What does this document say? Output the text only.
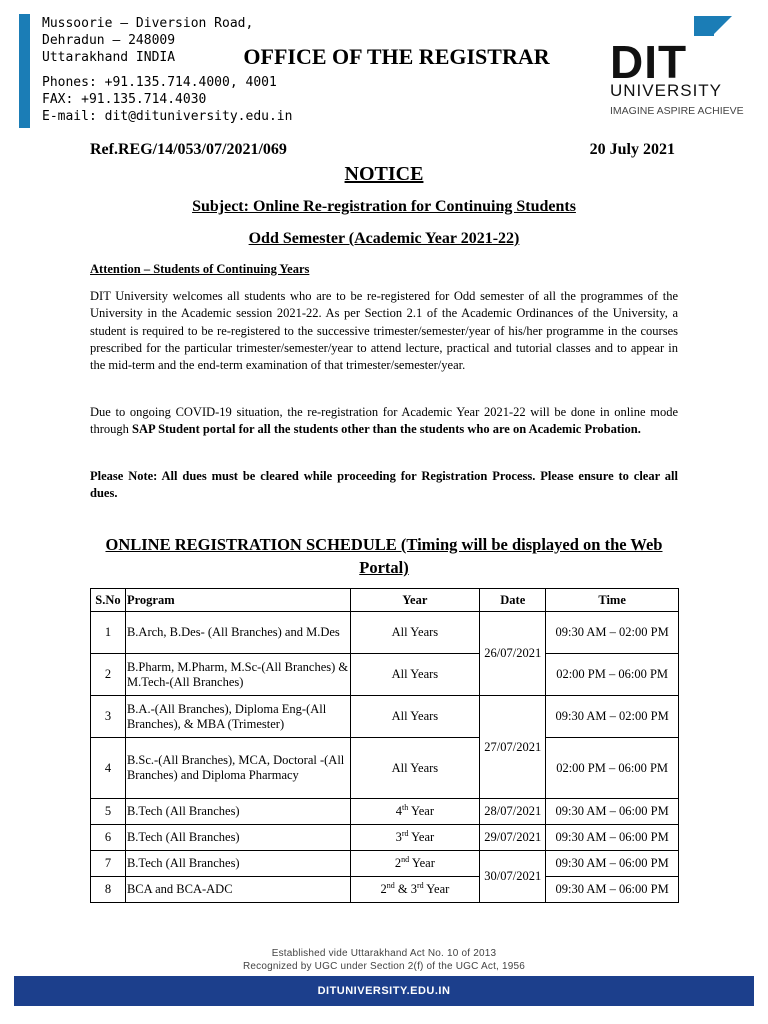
Mussoorie – Diversion Road,
Dehradun – 248009
Uttarakhand INDIA	OFFICE OF THE REGISTRAR
Phones: +91.135.714.4000, 4001
FAX: +91.135.714.4030
E-mail: dit@dituniversity.edu.in
DIT
UNIVERSITY
IMAGINE ASPIRE ACHIEVE
Ref.REG/14/053/07/2021/069	20 July 2021
NOTICE
Subject: Online Re-registration for Continuing Students
Odd Semester (Academic Year 2021-22)
Attention – Students of Continuing Years
DIT University welcomes all students who are to be re-registered for Odd semester of all the programmes of the University in the Academic session 2021-22. As per Section 2.1 of the Academic Ordinances of the University, a student is required to be re-registered to the successive trimester/semester/year of his/her programme in the courses prescribed for the particular trimester/semester/year to attend lecture, practical and tutorial classes and to appear in the mid-term and the end-term examination of that trimester/semester/year.
Due to ongoing COVID-19 situation, the re-registration for Academic Year 2021-22 will be done in online mode through SAP Student portal for all the students other than the students who are on Academic Probation.
Please Note: All dues must be cleared while proceeding for Registration Process. Please ensure to clear all dues.
ONLINE REGISTRATION SCHEDULE (Timing will be displayed on the Web Portal)
S.No	Program	Year	Date	Time
1	B.Arch, B.Des- (All Branches) and M.Des	All Years	26/07/2021	09:30 AM – 02:00 PM
2	B.Pharm, M.Pharm, M.Sc-(All Branches) & M.Tech-(All Branches)	All Years		02:00 PM – 06:00 PM
3	B.A.-(All Branches), Diploma Eng-(All Branches), & MBA (Trimester)	All Years	27/07/2021	09:30 AM – 02:00 PM
4	B.Sc.-(All Branches), MCA, Doctoral -(All Branches) and Diploma Pharmacy	All Years		02:00 PM – 06:00 PM
5	B.Tech (All Branches)	4th Year	28/07/2021	09:30 AM – 06:00 PM
6	B.Tech (All Branches)	3rd Year	29/07/2021	09:30 AM – 06:00 PM
7	B.Tech (All Branches)	2nd Year	30/07/2021	09:30 AM – 06:00 PM
8	BCA and BCA-ADC	2nd & 3rd Year		09:30 AM – 06:00 PM
Established vide Uttarakhand Act No. 10 of 2013
Recognized by UGC under Section 2(f) of the UGC Act, 1956
DITUNIVERSITY.EDU.IN
